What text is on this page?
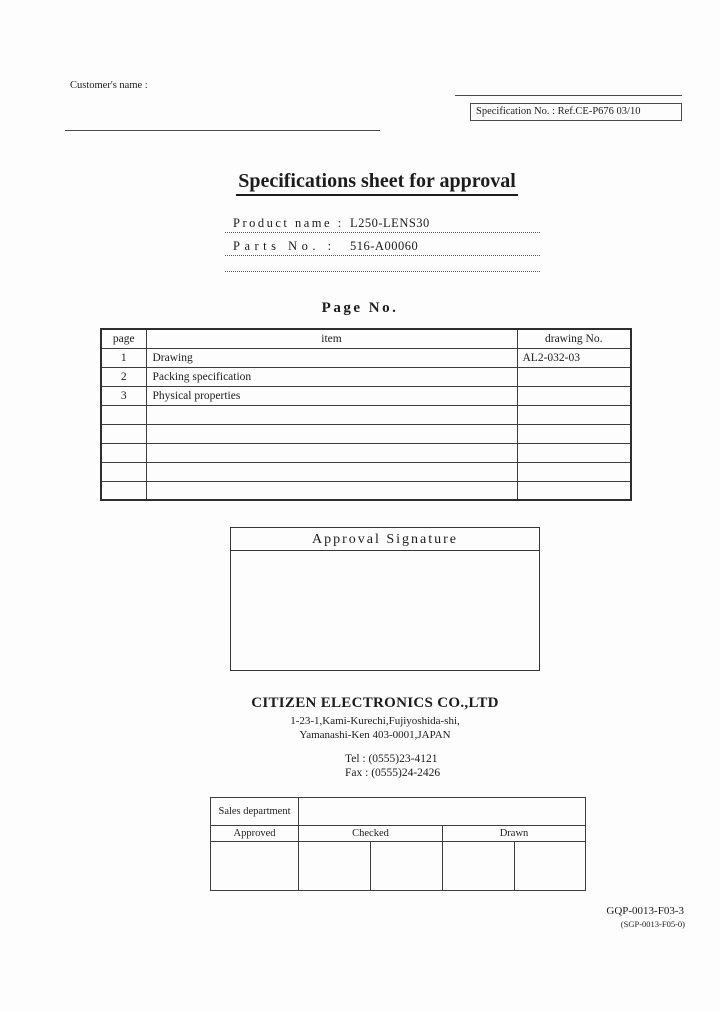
Customer's name :
Specification No. : Ref.CE-P676 03/10
Specifications sheet for approval
Product name : L250-LENS30
Parts No. : 516-A00060
Page No.
page	item	drawing No.
1	Drawing	AL2-032-03
2	Packing specification	
3	Physical properties	

Approval Signature
CITIZEN ELECTRONICS CO.,LTD
1-23-1,Kami-Kurechi,Fujiyoshida-shi,
Yamanashi-Ken 403-0001,JAPAN
Tel : (0555)23-4121
Fax : (0555)24-2426
Sales department				
Approved	Checked		Drawn	

GQP-0013-F03-3
(SGP-0013-F05-0)
